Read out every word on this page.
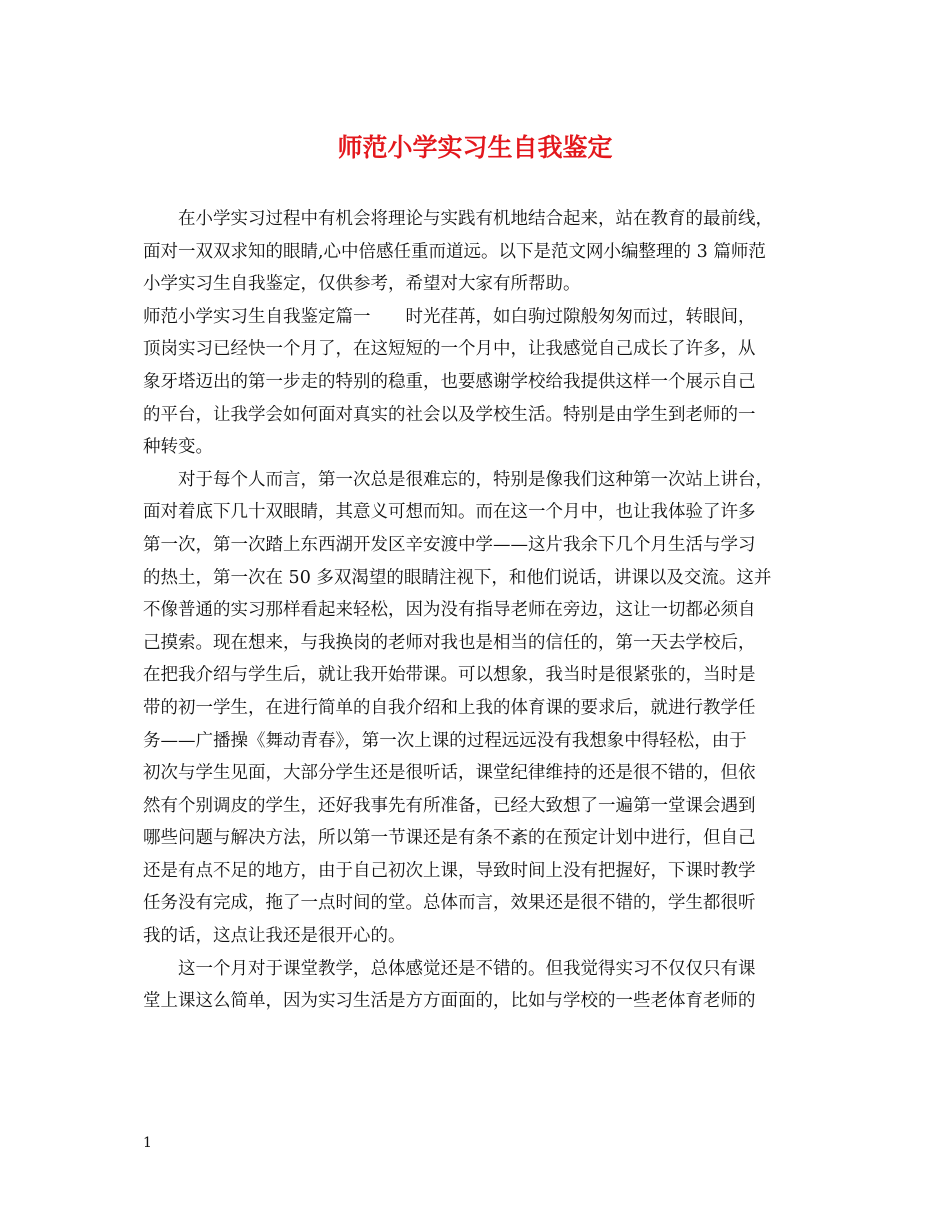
师范小学实习生自我鉴定
　　在小学实习过程中有机会将理论与实践有机地结合起来，站在教育的最前线，
面对一双双求知的眼睛,心中倍感任重而道远。以下是范文网小编整理的 3 篇师范
小学实习生自我鉴定，仅供参考，希望对大家有所帮助。
师范小学实习生自我鉴定篇一　　时光荏苒，如白驹过隙般匆匆而过，转眼间，
顶岗实习已经快一个月了，在这短短的一个月中，让我感觉自己成长了许多，从
象牙塔迈出的第一步走的特别的稳重，也要感谢学校给我提供这样一个展示自己
的平台，让我学会如何面对真实的社会以及学校生活。特别是由学生到老师的一
种转变。
　　对于每个人而言，第一次总是很难忘的，特别是像我们这种第一次站上讲台，
面对着底下几十双眼睛，其意义可想而知。而在这一个月中，也让我体验了许多
第一次，第一次踏上东西湖开发区辛安渡中学——这片我余下几个月生活与学习
的热土，第一次在 50 多双渴望的眼睛注视下，和他们说话，讲课以及交流。这并
不像普通的实习那样看起来轻松，因为没有指导老师在旁边，这让一切都必须自
己摸索。现在想来，与我换岗的老师对我也是相当的信任的，第一天去学校后，
在把我介绍与学生后，就让我开始带课。可以想象，我当时是很紧张的，当时是
带的初一学生，在进行简单的自我介绍和上我的体育课的要求后，就进行教学任
务——广播操《舞动青春》，第一次上课的过程远远没有我想象中得轻松，由于
初次与学生见面，大部分学生还是很听话，课堂纪律维持的还是很不错的，但依
然有个别调皮的学生，还好我事先有所准备，已经大致想了一遍第一堂课会遇到
哪些问题与解决方法，所以第一节课还是有条不紊的在预定计划中进行，但自己
还是有点不足的地方，由于自己初次上课，导致时间上没有把握好，下课时教学
任务没有完成，拖了一点时间的堂。总体而言，效果还是很不错的，学生都很听
我的话，这点让我还是很开心的。
　　这一个月对于课堂教学，总体感觉还是不错的。但我觉得实习不仅仅只有课
堂上课这么简单，因为实习生活是方方面面的，比如与学校的一些老体育老师的
1
